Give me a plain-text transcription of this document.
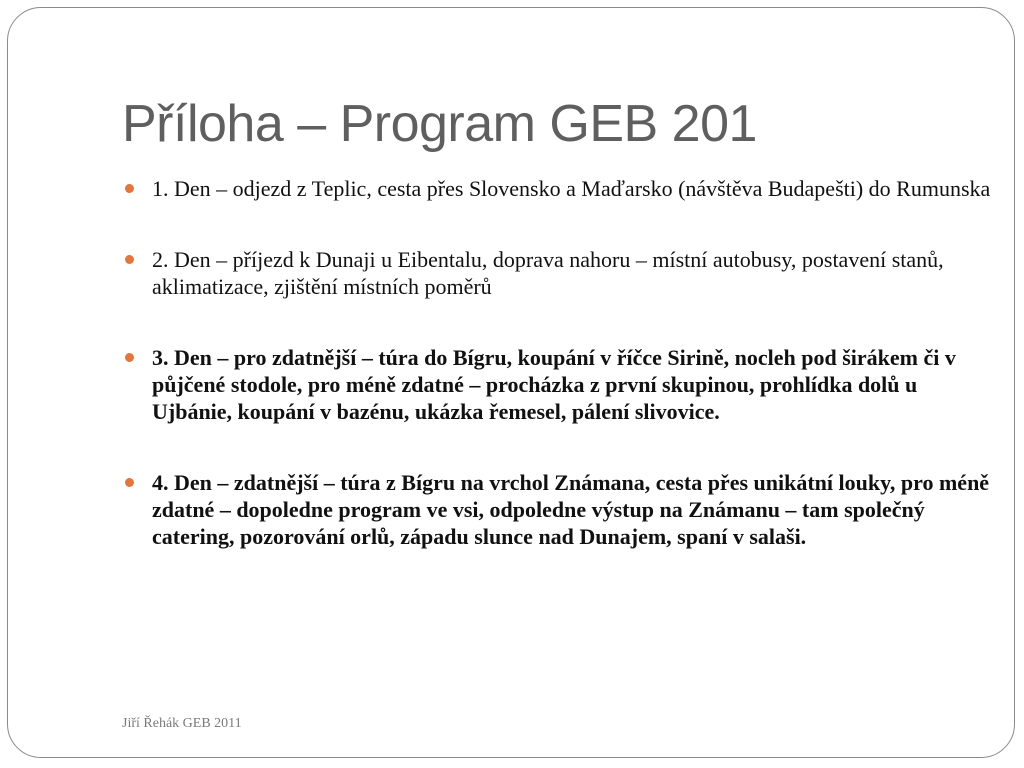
Příloha – Program GEB 201
1. Den – odjezd z Teplic, cesta přes Slovensko a Maďarsko (návštěva Budapešti) do Rumunska
2. Den – příjezd k Dunaji u Eibentalu, doprava nahoru – místní autobusy, postavení stanů, aklimatizace, zjištění místních poměrů
3. Den – pro zdatnější – túra do Bígru, koupání v říčce Sirině, nocleh pod širákem či v půjčené stodole, pro méně zdatné – procházka z první skupinou, prohlídka dolů u Ujbánie, koupání v bazénu, ukázka řemesel, pálení slivovice.
4. Den – zdatnější – túra z Bígru na vrchol Známana, cesta přes unikátní louky, pro méně zdatné – dopoledne program ve vsi, odpoledne výstup na Známanu – tam společný catering, pozorování orlů, západu slunce nad Dunajem, spaní v salaši.
Jiří Řehák GEB 2011
